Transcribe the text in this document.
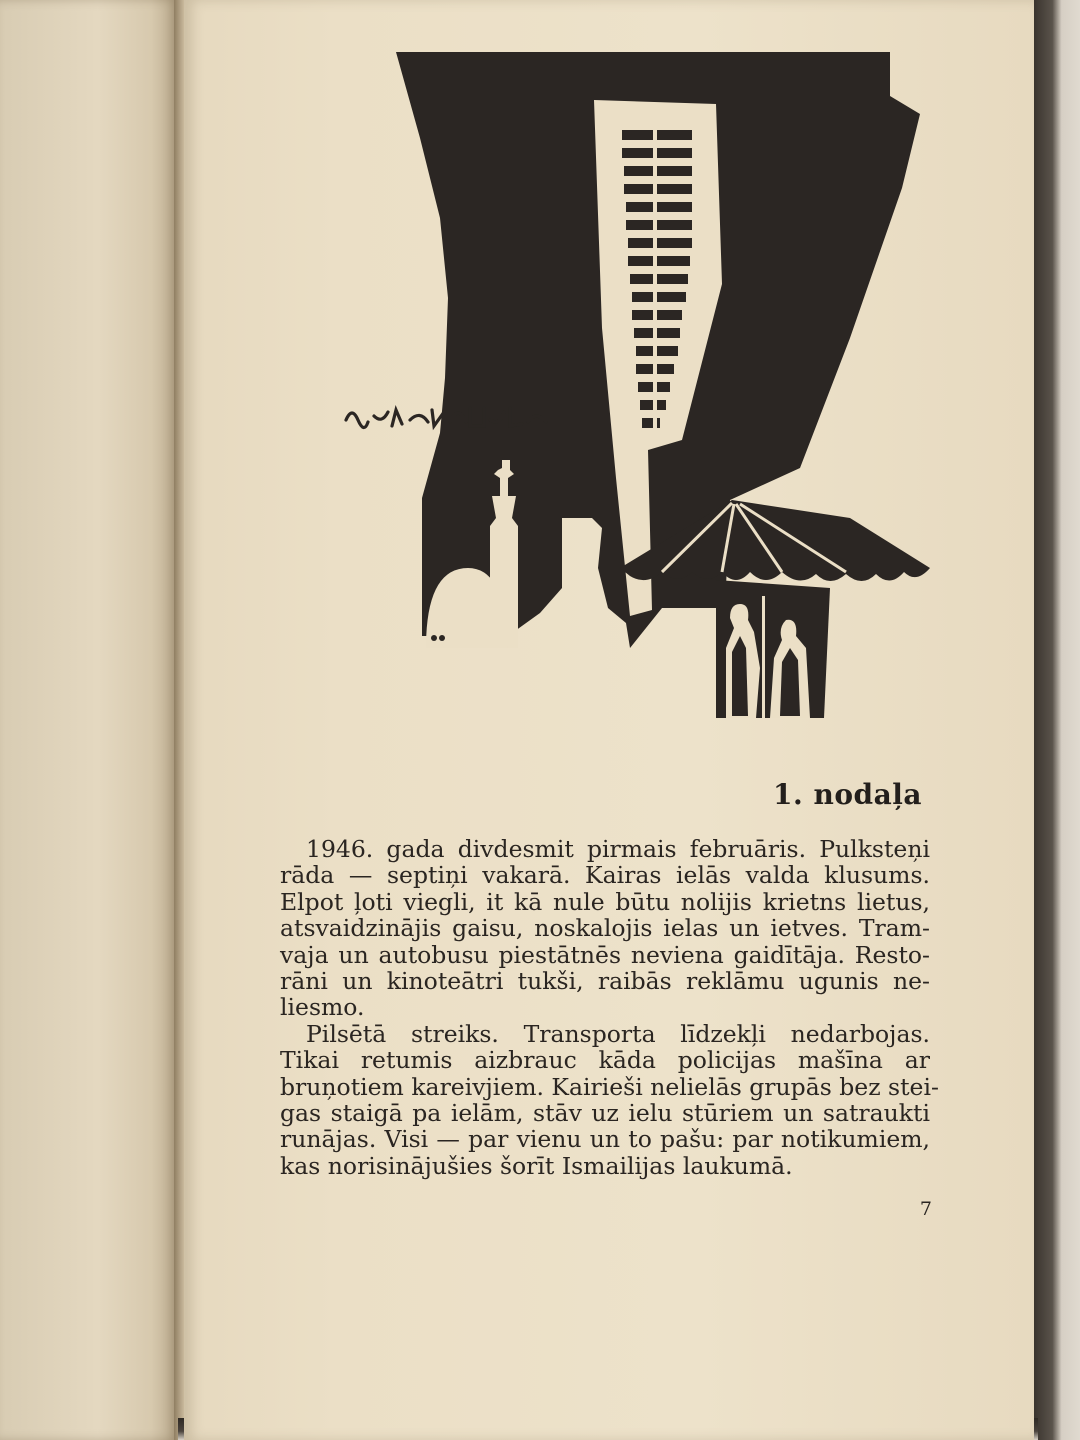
1. nodaļa
1946. gada divdesmit pirmais februāris. Pulksteņi
rāda — septiņi vakarā. Kairas ielās valda klusums.
Elpot ļoti viegli, it kā nule būtu nolijis krietns lietus,
atsvaidzinājis gaisu, noskalojis ielas un ietves. Tram-
vaja un autobusu piestātnēs neviena gaidītāja. Resto-
rāni un kinoteātri tukši, raibās reklāmu ugunis ne-
liesmo.
Pilsētā streiks. Transporta līdzekļi nedarbojas.
Tikai retumis aizbrauc kāda policijas mašīna ar
bruņotiem kareivjiem. Kairieši nelielās grupās bez stei-
gas staigā pa ielām, stāv uz ielu stūriem un satraukti
runājas. Visi — par vienu un to pašu: par notikumiem,
kas norisinājušies šorīt Ismailijas laukumā.
7
